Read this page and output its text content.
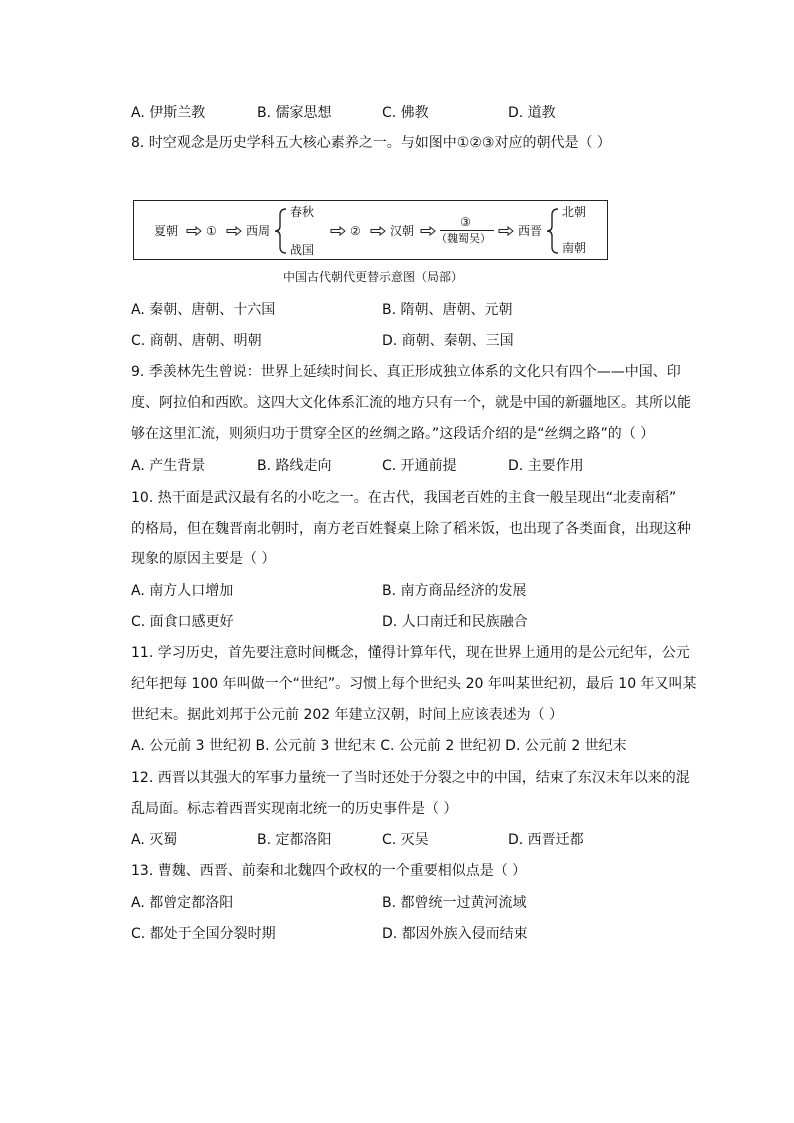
A. 伊斯兰教	B. 儒家思想	C. 佛教	D. 道教
8. 时空观念是历史学科五大核心素养之一。与如图中①②③对应的朝代是（ ）
夏朝 ① 西周
春秋
战国
② 汉朝
③
（魏蜀吴）
西晋
北朝
南朝
中国古代朝代更替示意图（局部）
A. 秦朝、唐朝、十六国	B. 隋朝、唐朝、元朝
C. 商朝、唐朝、明朝	D. 商朝、秦朝、三国
9. 季羡林先生曾说：世界上延续时间长、真正形成独立体系的文化只有四个——中国、印
度、阿拉伯和西欧。这四大文化体系汇流的地方只有一个，就是中国的新疆地区。其所以能
够在这里汇流，则须归功于贯穿全区的丝绸之路。”这段话介绍的是“丝绸之路”的（ ）
A. 产生背景	B. 路线走向	C. 开通前提	D. 主要作用
10. 热干面是武汉最有名的小吃之一。在古代，我国老百姓的主食一般呈现出“北麦南稻”
的格局，但在魏晋南北朝时，南方老百姓餐桌上除了稻米饭，也出现了各类面食，出现这种
现象的原因主要是（ ）
A. 南方人口增加	B. 南方商品经济的发展
C. 面食口感更好	D. 人口南迁和民族融合
11. 学习历史，首先要注意时间概念，懂得计算年代，现在世界上通用的是公元纪年，公元
纪年把每 100 年叫做一个“世纪”。习惯上每个世纪头 20 年叫某世纪初，最后 10 年又叫某
世纪末。据此刘邦于公元前 202 年建立汉朝，时间上应该表述为（ ）
A. 公元前 3 世纪初 B. 公元前 3 世纪末 C. 公元前 2 世纪初 D. 公元前 2 世纪末
12. 西晋以其强大的军事力量统一了当时还处于分裂之中的中国，结束了东汉末年以来的混
乱局面。标志着西晋实现南北统一的历史事件是（ ）
A. 灭蜀	B. 定都洛阳	C. 灭吴	D. 西晋迁都
13. 曹魏、西晋、前秦和北魏四个政权的一个重要相似点是（ ）
A. 都曾定都洛阳	B. 都曾统一过黄河流域
C. 都处于全国分裂时期	D. 都因外族入侵而结束
